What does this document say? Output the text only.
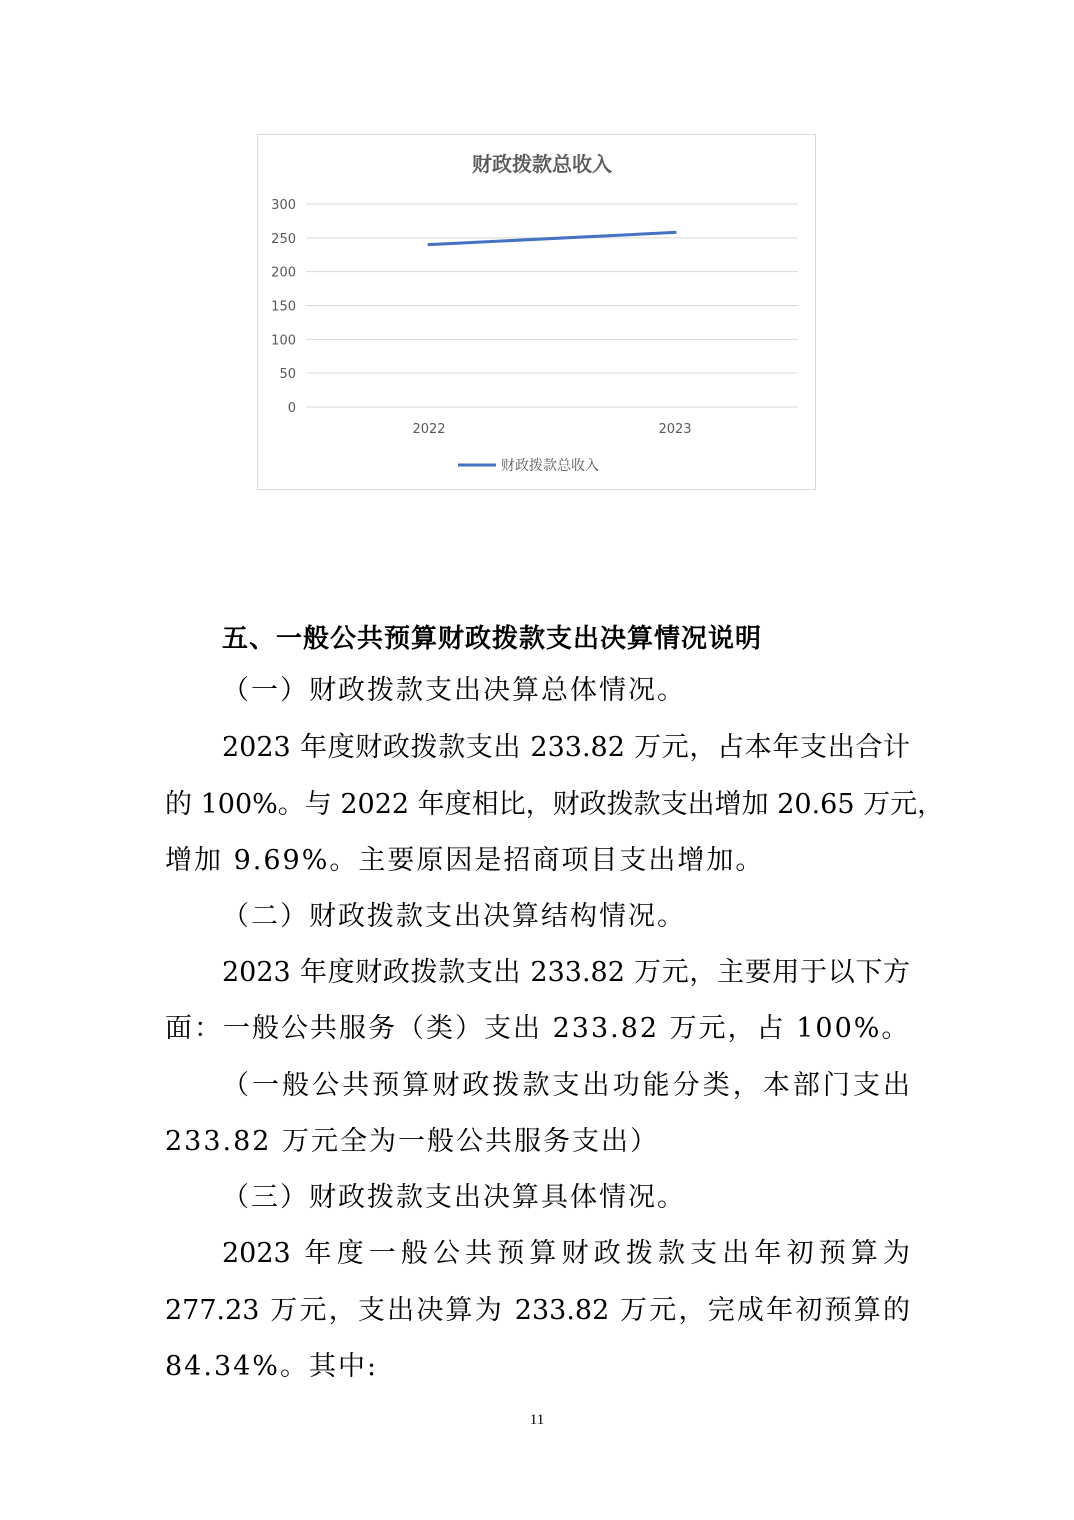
财政拨款总收入
0
50
100
150
200
250
300
2022	2023
财政拨款总收入
五、一般公共预算财政拨款支出决算情况说明
（一）财政拨款支出决算总体情况。
2023 年度财政拨款支出 233.82 万元，占本年支出合计
的 100%。与 2022 年度相比，财政拨款支出增加 20.65 万元，
增加 9.69%。主要原因是招商项目支出增加。
（二）财政拨款支出决算结构情况。
2023 年度财政拨款支出 233.82 万元，主要用于以下方
面：一般公共服务（类）支出 233.82 万元，占 100%。
（一般公共预算财政拨款支出功能分类，本部门支出
233.82 万元全为一般公共服务支出）
（三）财政拨款支出决算具体情况。
2023 年度一般公共预算财政拨款支出年初预算为
277.23 万元，支出决算为 233.82 万元，完成年初预算的
84.34%。其中:
11
